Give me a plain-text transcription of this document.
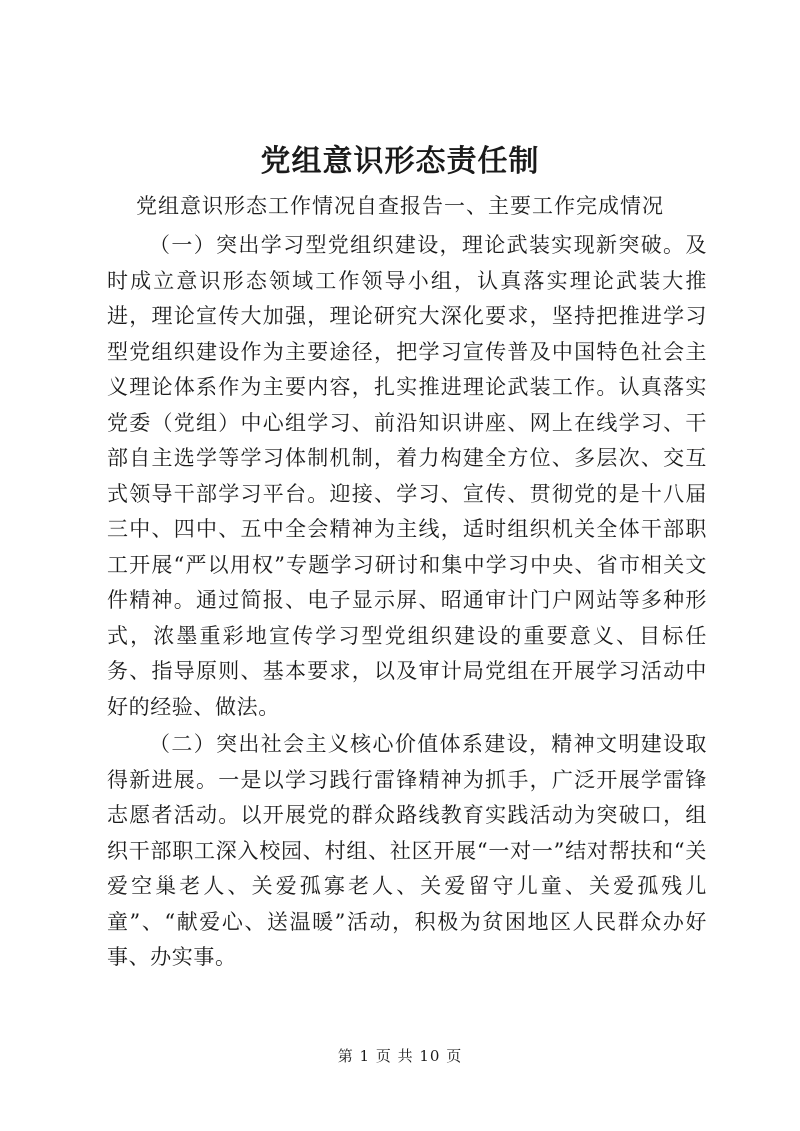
党组意识形态责任制
党组意识形态工作情况自查报告一、主要工作完成情况

（一）突出学习型党组织建设，理论武装实现新突破。及时成立意识形态领域工作领导小组，认真落实理论武装大推进，理论宣传大加强，理论研究大深化要求，坚持把推进学习型党组织建设作为主要途径，把学习宣传普及中国特色社会主义理论体系作为主要内容，扎实推进理论武装工作。认真落实党委（党组）中心组学习、前沿知识讲座、网上在线学习、干部自主选学等学习体制机制，着力构建全方位、多层次、交互式领导干部学习平台。迎接、学习、宣传、贯彻党的是十八届三中、四中、五中全会精神为主线，适时组织机关全体干部职工开展“严以用权”专题学习研讨和集中学习中央、省市相关文件精神。通过简报、电子显示屏、昭通审计门户网站等多种形式，浓墨重彩地宣传学习型党组织建设的重要意义、目标任务、指导原则、基本要求，以及审计局党组在开展学习活动中好的经验、做法。

（二）突出社会主义核心价值体系建设，精神文明建设取得新进展。一是以学习践行雷锋精神为抓手，广泛开展学雷锋志愿者活动。以开展党的群众路线教育实践活动为突破口，组织干部职工深入校园、村组、社区开展“一对一”结对帮扶和“关爱空巢老人、关爱孤寡老人、关爱留守儿童、关爱孤残儿童”、“献爱心、送温暖”活动，积极为贫困地区人民群众办好事、办实事。

第 1 页 共 10 页
